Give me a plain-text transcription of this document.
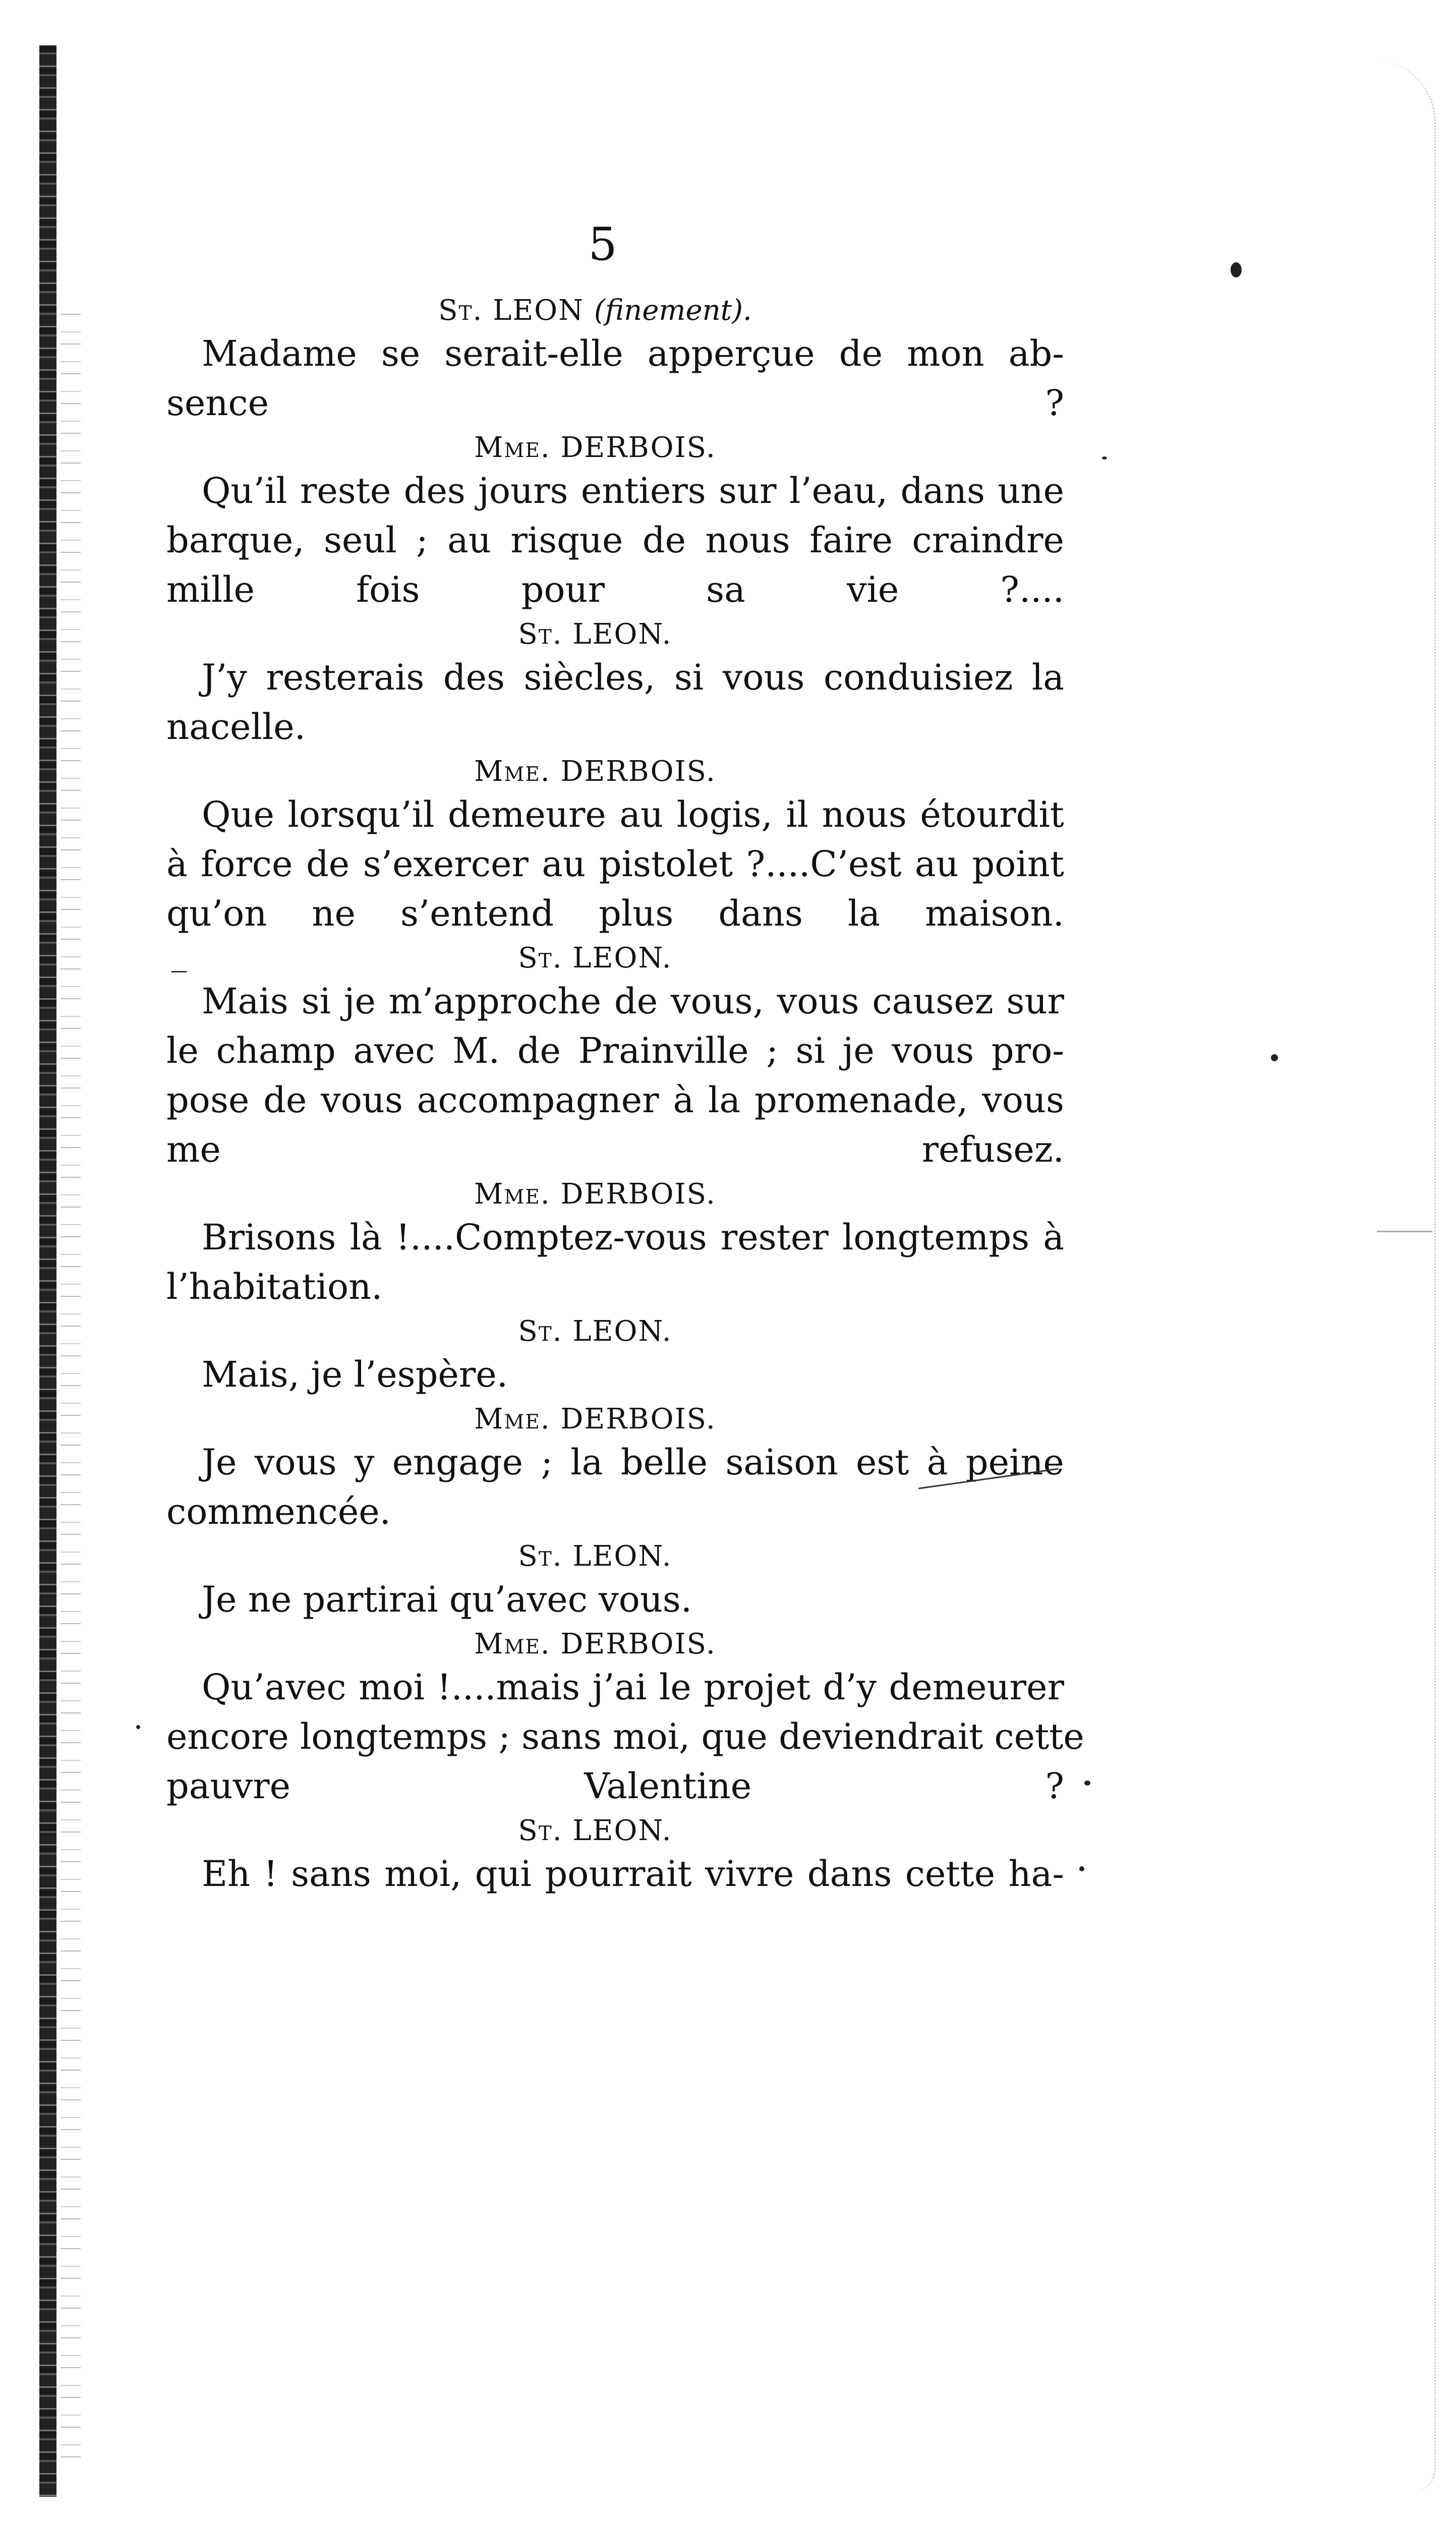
5
St. LEON (finement).
Madame se serait-elle apperçue de mon ab-
sence ?
Mme. DERBOIS.
Qu’il reste des jours entiers sur l’eau, dans une
barque, seul ; au risque de nous faire craindre
mille fois pour sa vie ?....
St. LEON.
J’y resterais des siècles, si vous conduisiez la
nacelle.
Mme. DERBOIS.
Que lorsqu’il demeure au logis, il nous étourdit
à force de s’exercer au pistolet ?....C’est au point
qu’on ne s’entend plus dans la maison.
St. LEON.
Mais si je m’approche de vous, vous causez sur
le champ avec M. de Prainville ; si je vous pro-
pose de vous accompagner à la promenade, vous
me refusez.
Mme. DERBOIS.
Brisons là !....Comptez-vous rester longtemps à
l’habitation.
St. LEON.
Mais, je l’espère.
Mme. DERBOIS.
Je vous y engage ; la belle saison est à peine
commencée.
St. LEON.
Je ne partirai qu’avec vous.
Mme. DERBOIS.
Qu’avec moi !....mais j’ai le projet d’y demeurer
encore longtemps ; sans moi, que deviendrait cette
pauvre Valentine ?
St. LEON.
Eh ! sans moi, qui pourrait vivre dans cette ha-
